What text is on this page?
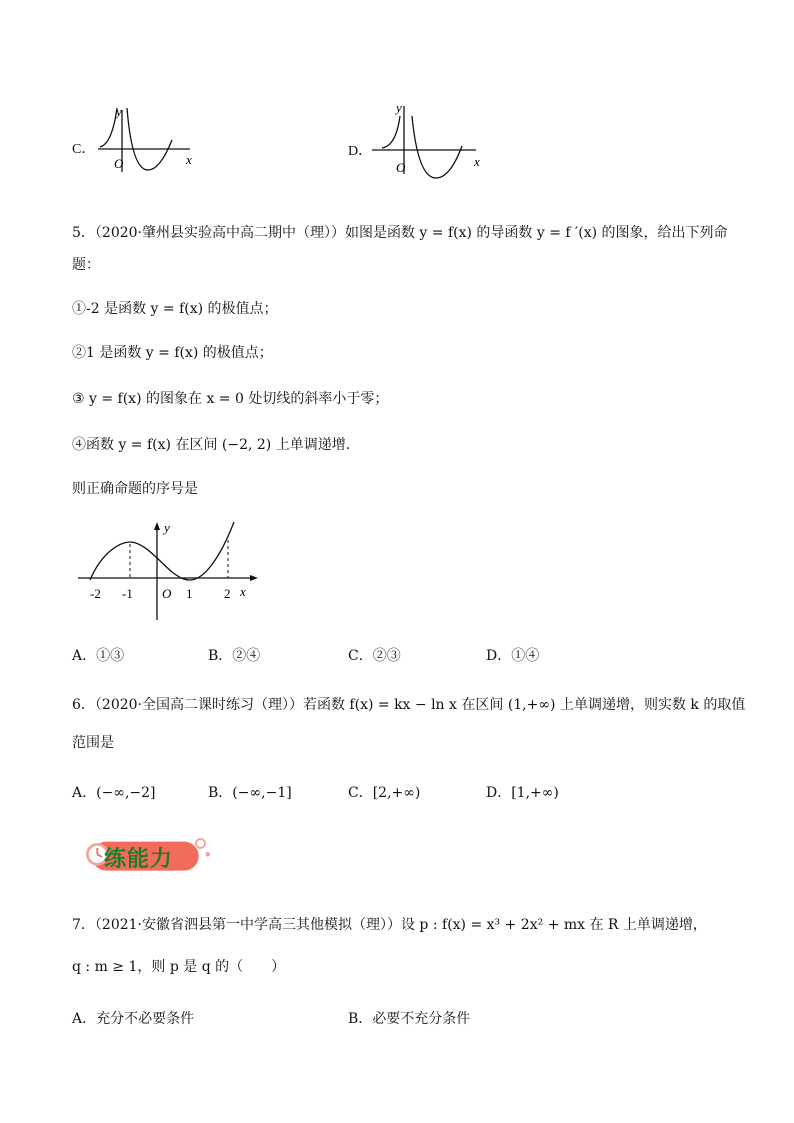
C．
y
x
O
D．
y
x
O
5．（2020·肇州县实验高中高二期中（理））如图是函数 y = f(x) 的导函数 y = f ′(x) 的图象，给出下列命
题：
①-2 是函数 y = f(x) 的极值点；
②1 是函数 y = f(x) 的极值点；
③ y = f(x) 的图象在 x = 0 处切线的斜率小于零；
④函数 y = f(x) 在区间 (−2, 2) 上单调递增.
则正确命题的序号是
y
x
-2 -1 O 1 2
A．①③	B．②④	C．②③	D．①④
6．（2020·全国高二课时练习（理））若函数 f(x) = kx − ln x 在区间 (1,+∞) 上单调递增，则实数 k 的取值
范围是
A．(−∞,−2]	B．(−∞,−1]	C．[2,+∞)	D．[1,+∞)
练能力
7．（2021·安徽省泗县第一中学高三其他模拟（理））设 p : f(x) = x³ + 2x² + mx 在 R 上单调递增，
q : m ≥ 1，则 p 是 q 的（　　）
A．充分不必要条件	B．必要不充分条件
